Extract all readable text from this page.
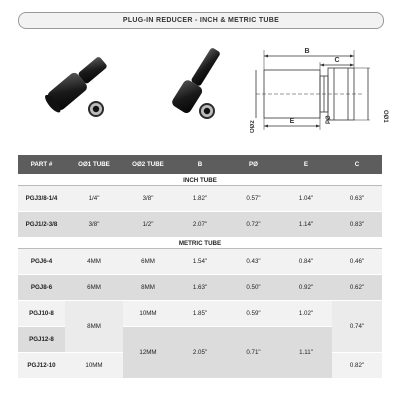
PLUG-IN REDUCER - INCH & METRIC TUBE
B
C
E	PØ
OØ2
OØ1
PART #	OØ1 TUBE	OØ2 TUBE	B	PØ	E	C
INCH TUBE						
PGJ3/8-1/4	1/4"	3/8"	1.82"	0.57"	1.04"	0.63"
PGJ1/2-3/8	3/8"	1/2"	2.07"	0.72"	1.14"	0.83"
METRIC TUBE						
PGJ6-4	4MM	6MM	1.54"	0.43"	0.84"	0.46"
PGJ8-6	6MM	8MM	1.63"	0.50"	0.92"	0.62"
PGJ10-8	8MM	10MM	1.85"	0.59"	1.02"	0.74"
PGJ12-8		12MM	2.05"	0.71"	1.11"	
PGJ12-10	10MM					0.82"
